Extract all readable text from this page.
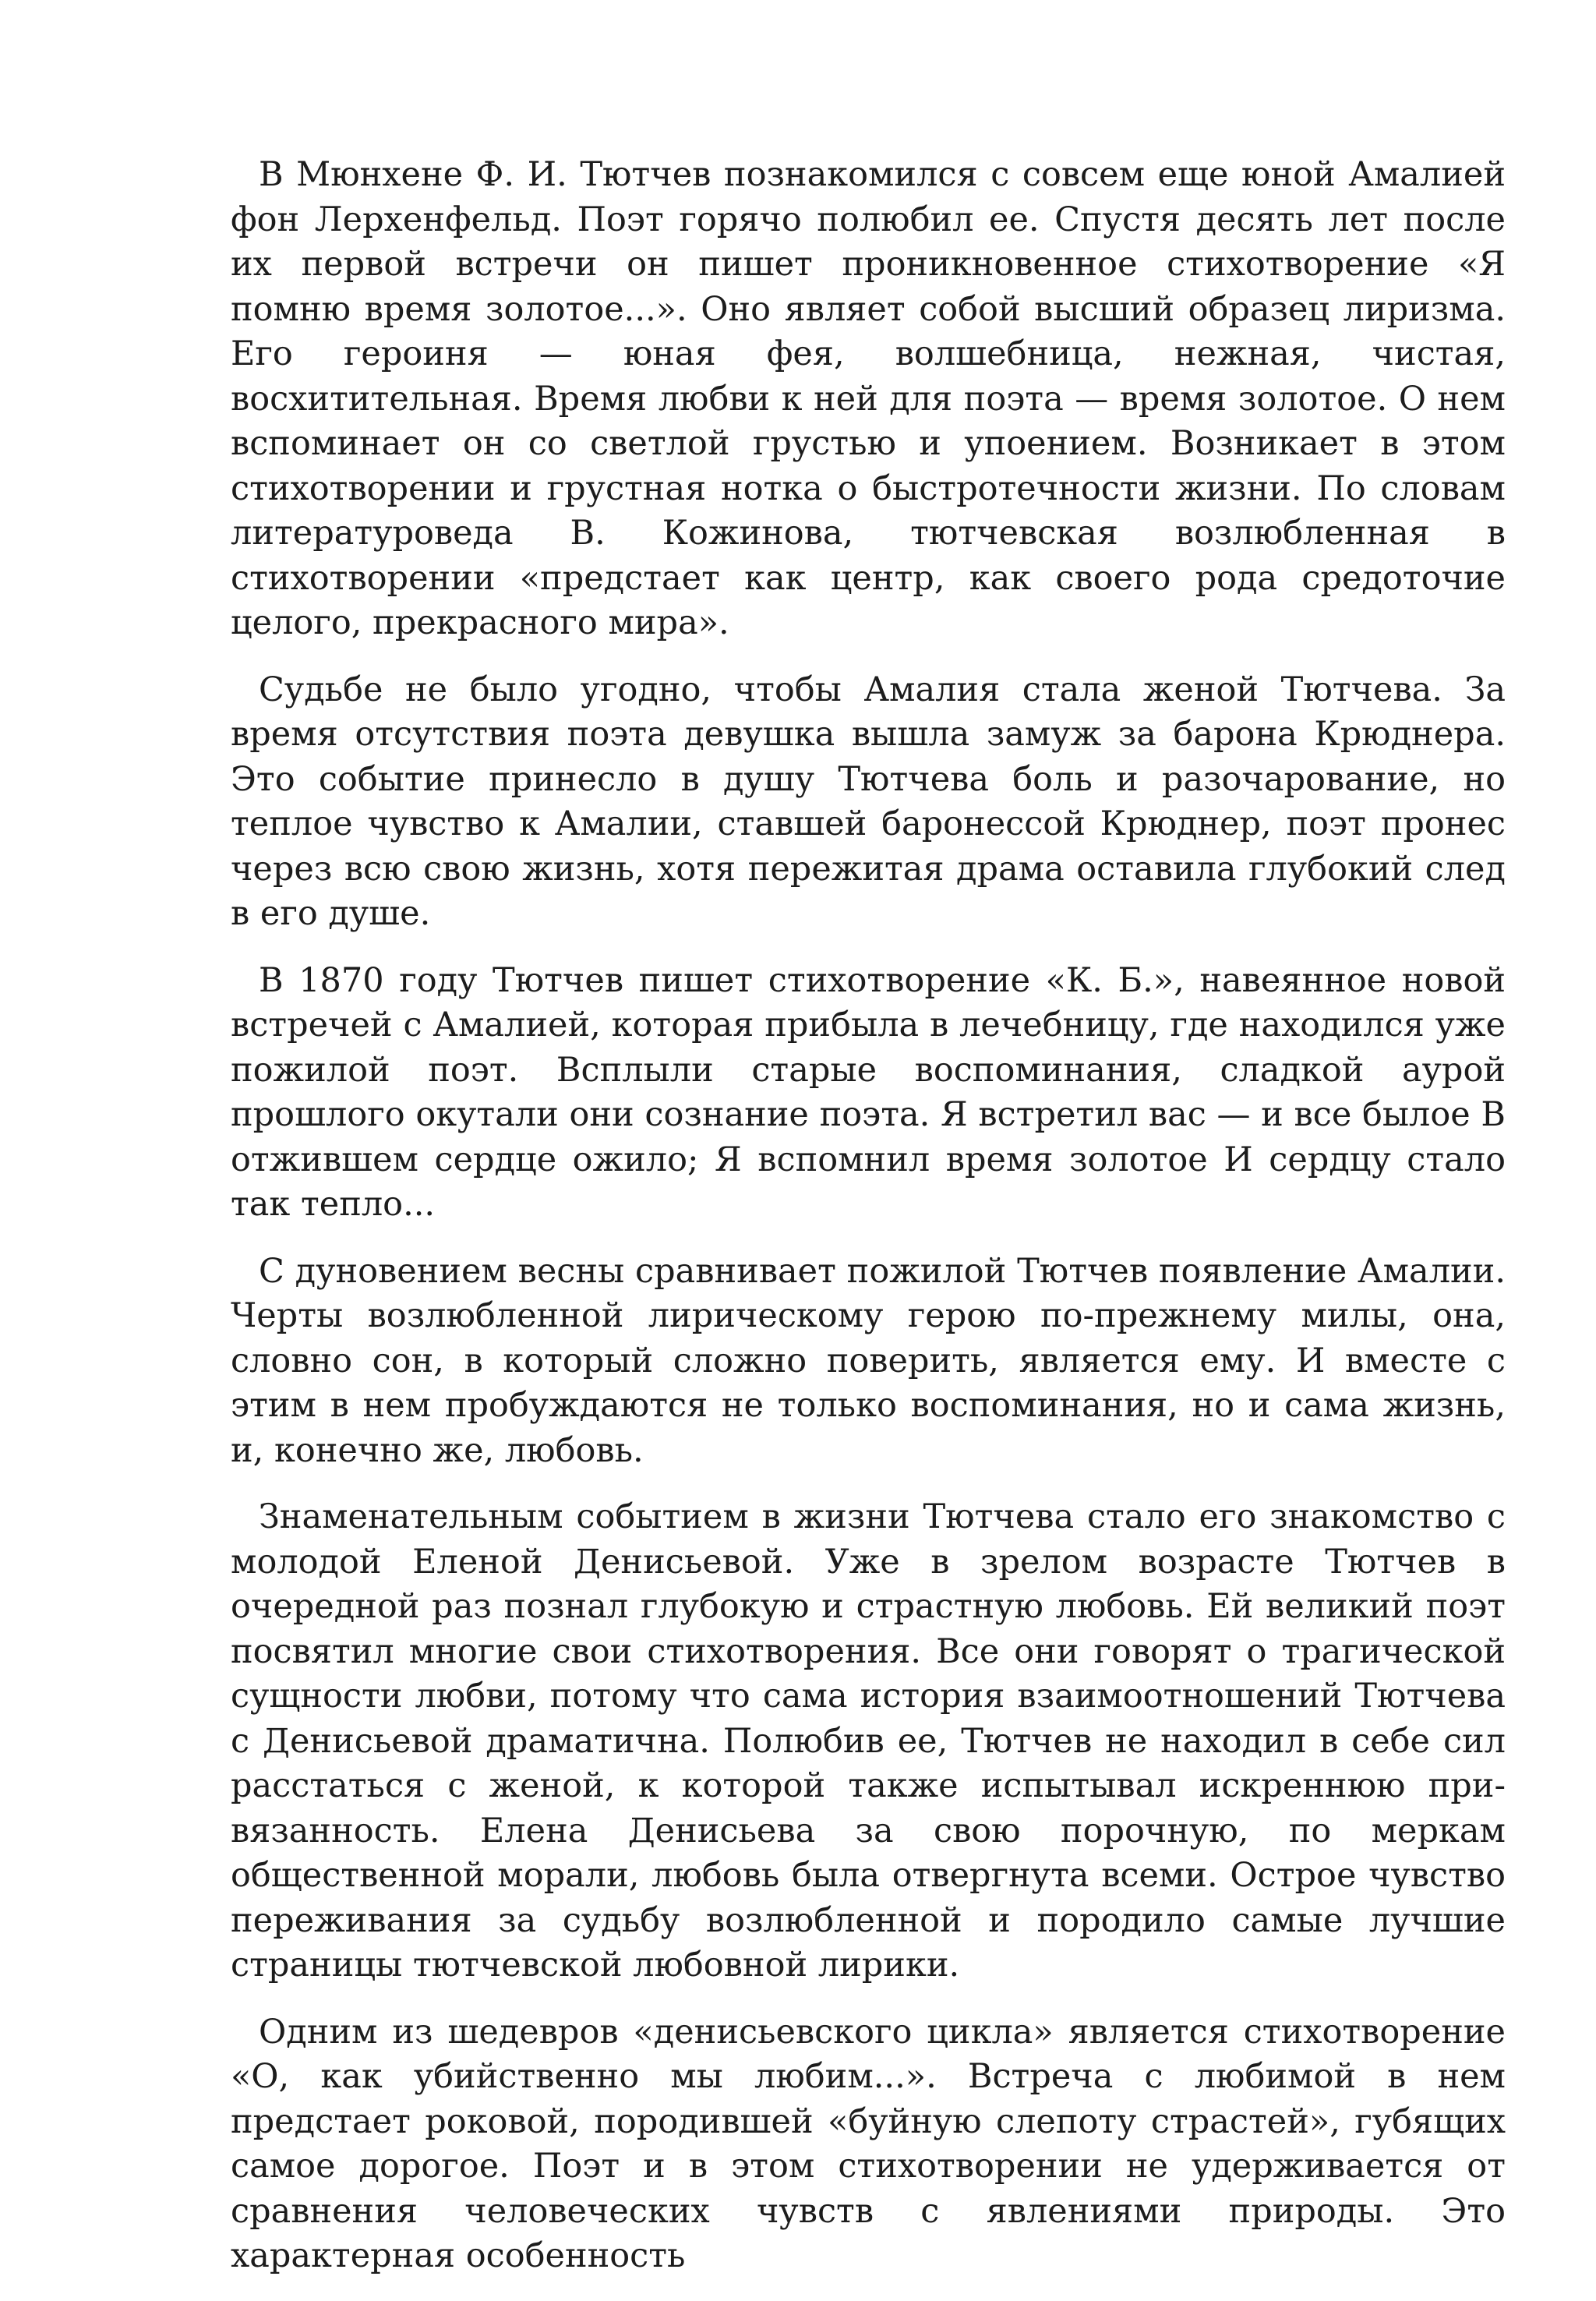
В Мюнхене Ф. И. Тютчев познакомился с совсем еще юной Амалией фон Лерхенфельд. Поэт горячо полюбил ее. Спустя десять лет после их первой встречи он пишет проникновенное стихотворение «Я помню время золотое...». Оно являет собой высший образец лиризма. Его героиня — юная фея, волшебница, нежная, чистая, восхитительная. Время любви к ней для поэта — время золотое. О нем вспоминает он со светлой грустью и упоением. Возникает в этом стихотворении и грустная нотка о быстротечности жизни. По словам литературоведа В. Кожинова, тютчевская возлюбленная в стихотворении «предстает как центр, как своего рода средоточие целого, прекрасного мира».

Судьбе не было угодно, чтобы Амалия стала женой Тютчева. За время отсутствия поэта девушка вышла замуж за барона Крюднера. Это событие принесло в душу Тютчева боль и разочарование, но теплое чувство к Амалии, ставшей баронессой Крюднер, поэт пронес через всю свою жизнь, хотя пережитая драма оставила глубокий след в его душе.

В 1870 году Тютчев пишет стихотворение «К. Б.», навеянное новой встречей с Амалией, которая прибыла в лечебницу, где находился уже пожилой поэт. Всплыли старые воспоминания, сладкой аурой прошлого окутали они сознание поэта. Я встретил вас — и все былое В отжившем сердце ожило; Я вспомнил время золотое И сердцу стало так тепло...

С дуновением весны сравнивает пожилой Тютчев появление Амалии. Черты возлюбленной лирическому герою по-прежнему милы, она, словно сон, в который сложно поверить, является ему. И вместе с этим в нем пробуждаются не только воспоминания, но и сама жизнь, и, конечно же, любовь.

Знаменательным событием в жизни Тютчева стало его знакомство с молодой Еленой Денисьевой. Уже в зрелом возрасте Тютчев в очередной раз познал глубокую и страстную любовь. Ей великий поэт посвятил многие свои стихотворения. Все они говорят о трагической сущности любви, потому что сама история взаимоотношений Тютчева с Денисьевой драматична. Полюбив ее, Тютчев не находил в себе сил расстаться с женой, к которой также испытывал искреннюю привязанность. Елена Денисьева за свою порочную, по меркам общественной морали, любовь была отвергнута всеми. Острое чувство переживания за судьбу возлюбленной и породило самые лучшие страницы тютчевской любовной лирики.

Одним из шедевров «денисьевского цикла» является стихотворение «О, как убийственно мы любим...». Встреча с любимой в нем предстает роковой, породившей «буйную слепоту страстей», губящих самое дорогое. Поэт и в этом стихотворении не удерживается от сравнения человеческих чувств с явлениями природы. Это характерная особенность
